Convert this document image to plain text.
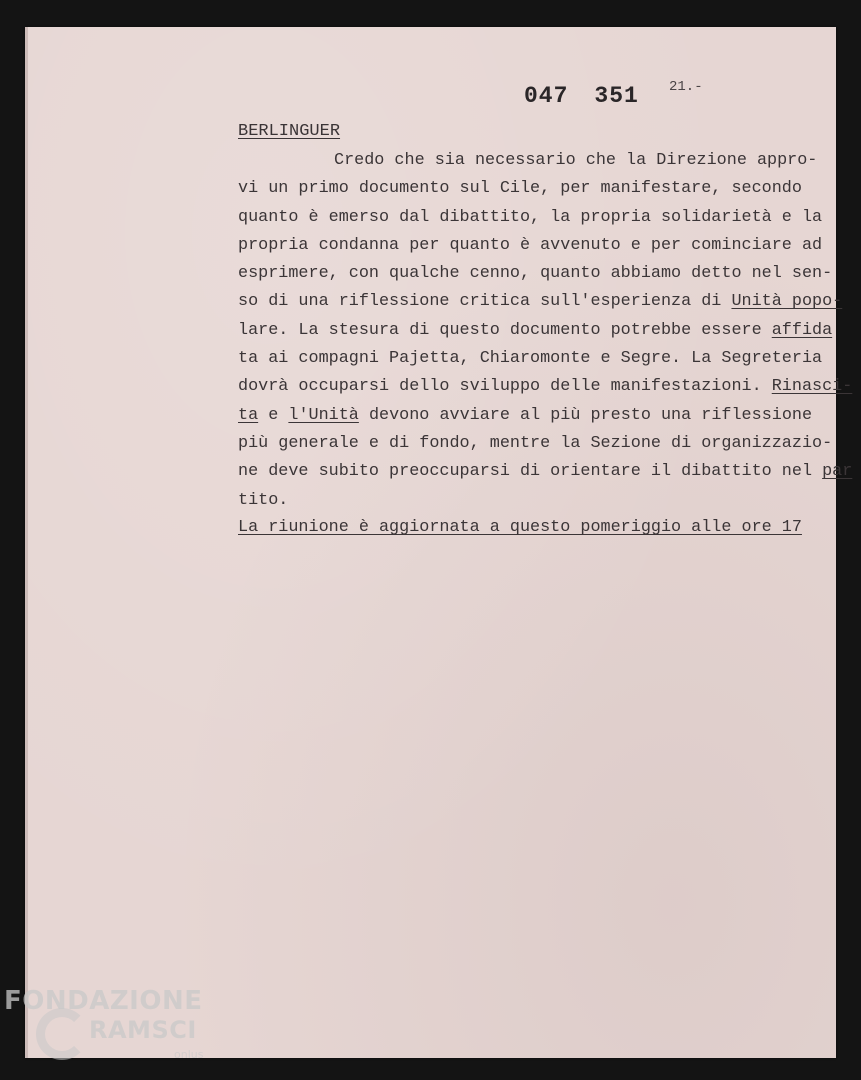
047 351 21.-
BERLINGUER

Credo che sia necessario che la Direzione appro-
vi un primo documento sul Cile, per manifestare, secondo
quanto è emerso dal dibattito, la propria solidarietà e la
propria condanna per quanto è avvenuto e per cominciare ad
esprimere, con qualche cenno, quanto abbiamo detto nel sen-
so di una riflessione critica sull'esperienza di Unità popo-
lare. La stesura di questo documento potrebbe essere affida
ta ai compagni Pajetta, Chiaromonte e Segre. La Segreteria
dovrà occuparsi dello sviluppo delle manifestazioni. Rinasci-
ta e l'Unità devono avviare al più presto una riflessione
più generale e di fondo, mentre la Sezione di organizzazio-
ne deve subito preoccuparsi di orientare il dibattito nel par
tito.

La riunione è aggiornata a questo pomeriggio alle ore 17
FONDAZIONE
RAMSCI
onlus
